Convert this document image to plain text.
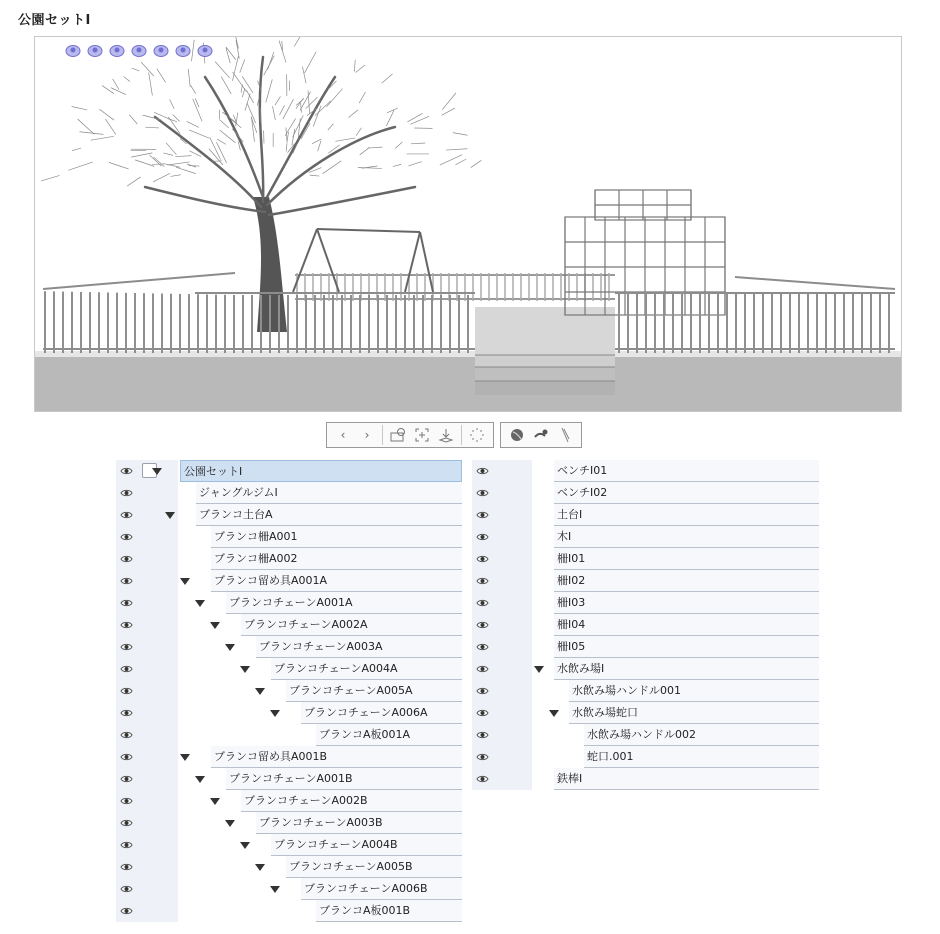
公園セットI
‹	›
公園セットI
ジャングルジムI
ブランコ土台A
ブランコ柵A001
ブランコ柵A002
ブランコ留め具A001A
ブランコチェーンA001A
ブランコチェーンA002A
ブランコチェーンA003A
ブランコチェーンA004A
ブランコチェーンA005A
ブランコチェーンA006A
ブランコA板001A
ブランコ留め具A001B
ブランコチェーンA001B
ブランコチェーンA002B
ブランコチェーンA003B
ブランコチェーンA004B
ブランコチェーンA005B
ブランコチェーンA006B
ブランコA板001B
ベンチI01
ベンチI02
土台I
木I
柵I01
柵I02
柵I03
柵I04
柵I05
水飲み場I
水飲み場ハンドル001
水飲み場蛇口
水飲み場ハンドル002
蛇口.001
鉄棒I
